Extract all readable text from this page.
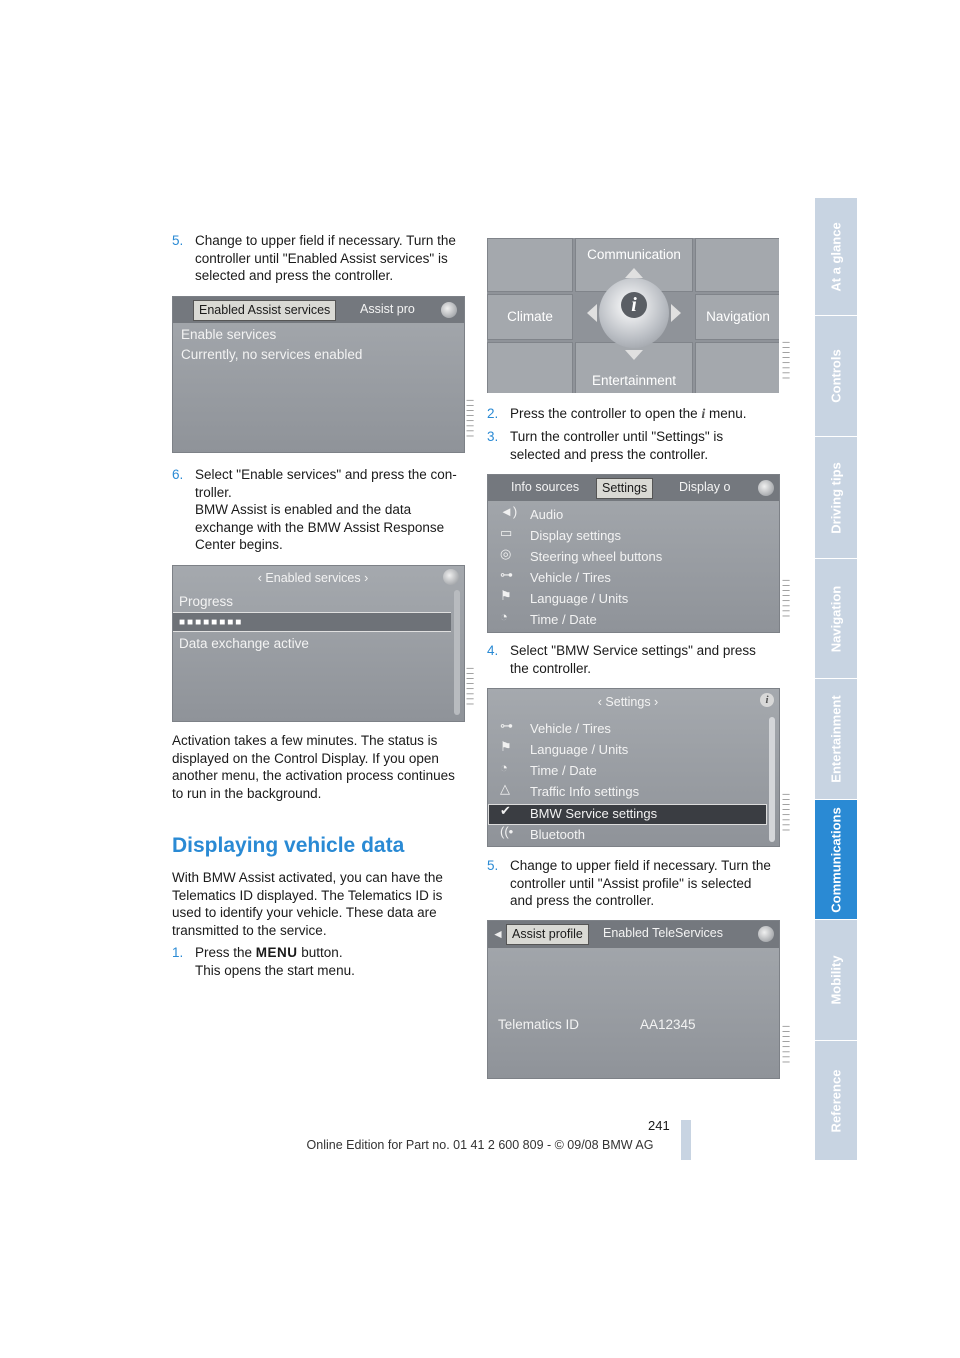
5. Change to upper field if necessary. Turn the
controller until "Enabled Assist services" is
selected and press the controller.
Enabled Assist services	Assist pro
Enable services
Currently, no services enabled
▏▏▏▏▏▏▏▏
6. Select "Enable services" and press the con-
troller.
BMW Assist is enabled and the data
exchange with the BMW Assist Response
Center begins.
‹ Enabled services ›
Progress
■■■■■■■■
Data exchange active
▏▏▏▏▏▏▏▏
Activation takes a few minutes. The status is
displayed on the Control Display. If you open
another menu, the activation process continues
to run in the background.
Displaying vehicle data
With BMW Assist activated, you can have the
Telematics ID displayed. The Telematics ID is
used to identify your vehicle. These data are
transmitted to the service.
1. Press the MENU button.
This opens the start menu.
Communication
Climate	Navigation
Entertainment
i
▏▏▏▏▏▏▏▏
2. Press the controller to open the i menu.
3. Turn the controller until "Settings" is
selected and press the controller.
Info sources	Settings	Display o
◄) Audio
▭	Display settings
◎	Steering wheel buttons
⊶	Vehicle / Tires
⚑	Language / Units
◔	Time / Date	▏▏▏▏▏▏▏▏
4. Select "BMW Service settings" and press
the controller.
‹ Settings ›	i
⊶	Vehicle / Tires
⚑	Language / Units
◔	Time / Date
△	Traffic Info settings
✔	BMW Service settings
((•	Bluetooth	▏▏▏▏▏▏▏▏
5. Change to upper field if necessary. Turn the
controller until "Assist profile" is selected
and press the controller.
◄ Assist profile	Enabled TeleServices
Telematics ID	AA12345
▏▏▏▏▏▏▏▏
At a glance
Controls
Driving tips
Navigation
Entertainment
Communications
Mobility
Reference
241
Online Edition for Part no. 01 41 2 600 809 - © 09/08 BMW AG
